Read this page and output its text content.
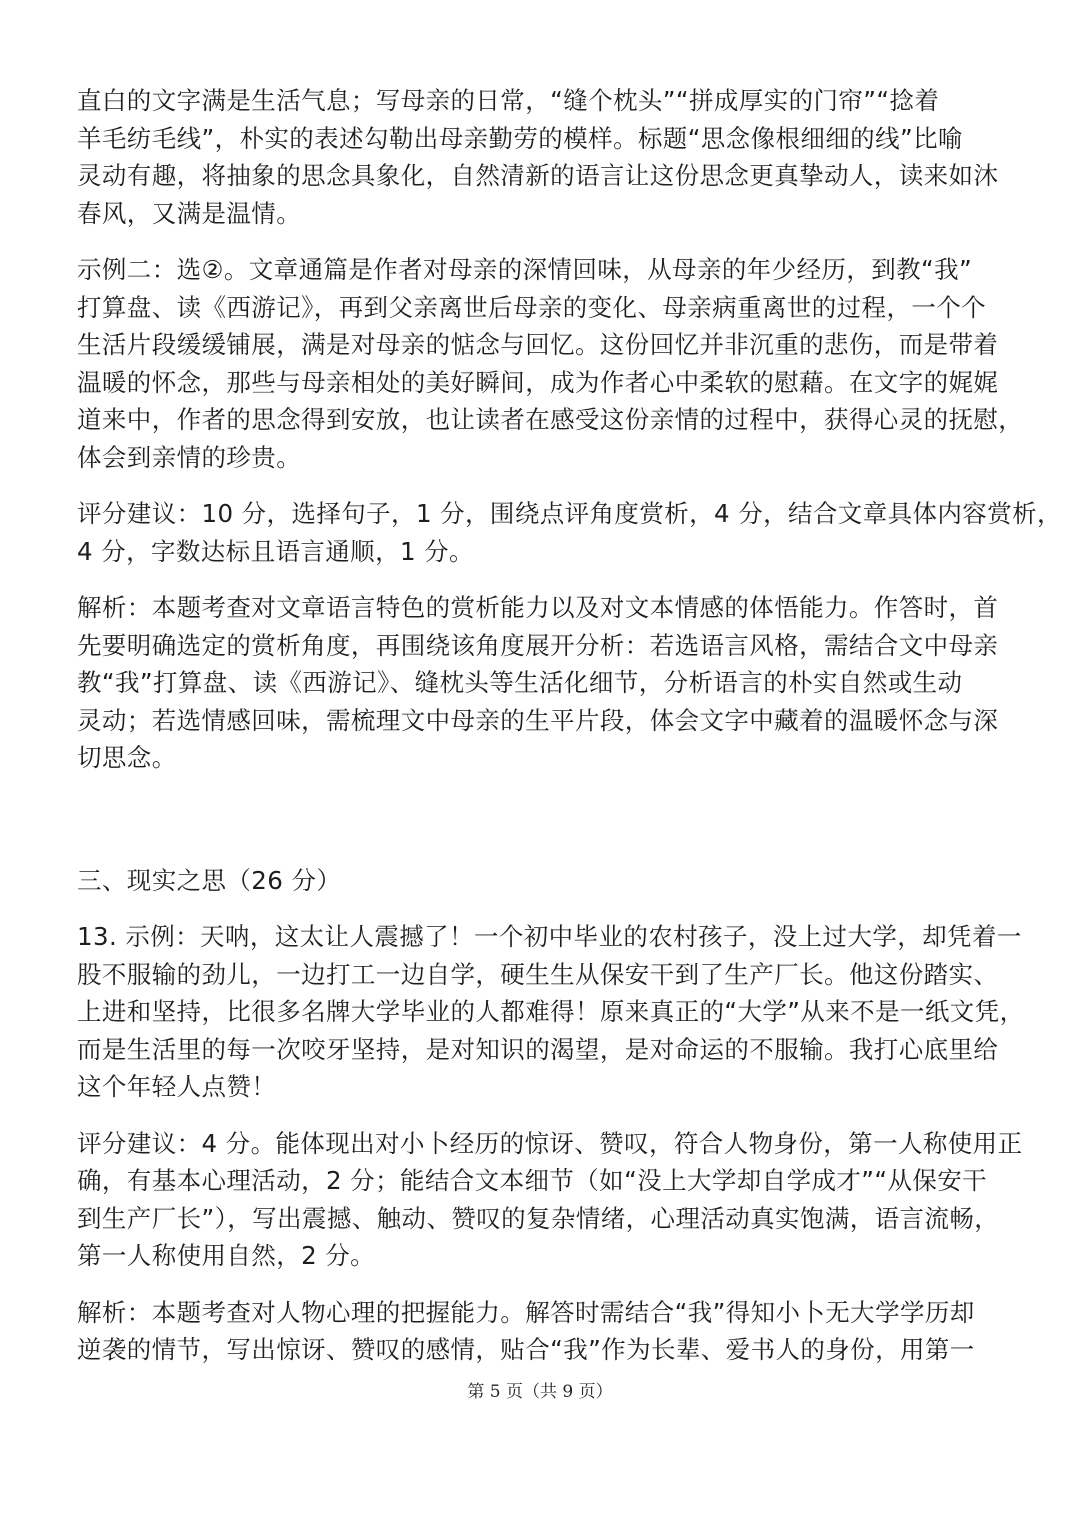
直白的文字满是生活气息；写母亲的日常，“缝个枕头”“拼成厚实的门帘”“捻着
羊毛纺毛线”，朴实的表述勾勒出母亲勤劳的模样。标题“思念像根细细的线”比喻
灵动有趣，将抽象的思念具象化，自然清新的语言让这份思念更真挚动人，读来如沐
春风，又满是温情。
示例二：选②。文章通篇是作者对母亲的深情回味，从母亲的年少经历，到教“我”
打算盘、读《西游记》，再到父亲离世后母亲的变化、母亲病重离世的过程，一个个
生活片段缓缓铺展，满是对母亲的惦念与回忆。这份回忆并非沉重的悲伤，而是带着
温暖的怀念，那些与母亲相处的美好瞬间，成为作者心中柔软的慰藉。在文字的娓娓
道来中，作者的思念得到安放，也让读者在感受这份亲情的过程中，获得心灵的抚慰，
体会到亲情的珍贵。
评分建议：10 分，选择句子，1 分，围绕点评角度赏析，4 分，结合文章具体内容赏析，
4 分，字数达标且语言通顺，1 分。
解析：本题考查对文章语言特色的赏析能力以及对文本情感的体悟能力。作答时，首
先要明确选定的赏析角度，再围绕该角度展开分析：若选语言风格，需结合文中母亲
教“我”打算盘、读《西游记》、缝枕头等生活化细节，分析语言的朴实自然或生动
灵动；若选情感回味，需梳理文中母亲的生平片段，体会文字中藏着的温暖怀念与深
切思念。
三、现实之思（26 分）
13. 示例：天呐，这太让人震撼了！一个初中毕业的农村孩子，没上过大学，却凭着一
股不服输的劲儿，一边打工一边自学，硬生生从保安干到了生产厂长。他这份踏实、
上进和坚持，比很多名牌大学毕业的人都难得！原来真正的“大学”从来不是一纸文凭，
而是生活里的每一次咬牙坚持，是对知识的渴望，是对命运的不服输。我打心底里给
这个年轻人点赞！
评分建议：4 分。能体现出对小卜经历的惊讶、赞叹，符合人物身份，第一人称使用正
确，有基本心理活动，2 分；能结合文本细节（如“没上大学却自学成才”“从保安干
到生产厂长”），写出震撼、触动、赞叹的复杂情绪，心理活动真实饱满，语言流畅，
第一人称使用自然，2 分。
解析：本题考查对人物心理的把握能力。解答时需结合“我”得知小卜无大学学历却
逆袭的情节，写出惊讶、赞叹的感情，贴合“我”作为长辈、爱书人的身份，用第一
第 5 页（共 9 页）
